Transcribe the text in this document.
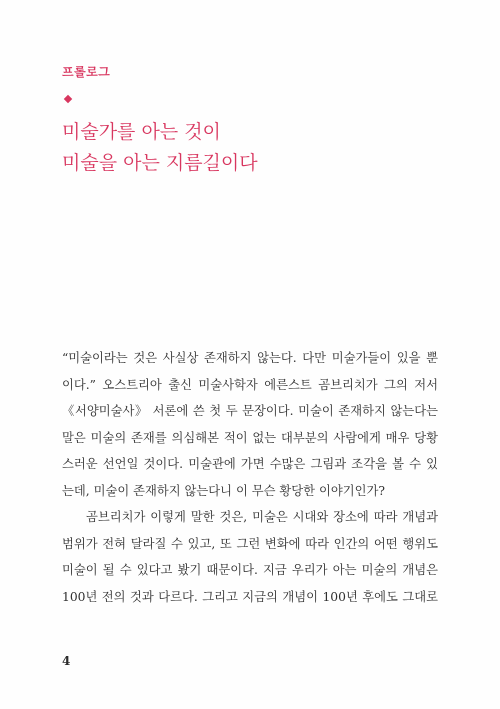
프롤로그
미술가를 아는 것이
미술을 아는 지름길이다
“미술이라는 것은 사실상 존재하지 않는다. 다만 미술가들이 있을 뿐
이다.” 오스트리아 출신 미술사학자 에른스트 곰브리치가 그의 저서
《서양미술사》 서론에 쓴 첫 두 문장이다. 미술이 존재하지 않는다는
말은 미술의 존재를 의심해본 적이 없는 대부분의 사람에게 매우 당황
스러운 선언일 것이다. 미술관에 가면 수많은 그림과 조각을 볼 수 있
는데, 미술이 존재하지 않는다니 이 무슨 황당한 이야기인가?
곰브리치가 이렇게 말한 것은, 미술은 시대와 장소에 따라 개념과
범위가 전혀 달라질 수 있고, 또 그런 변화에 따라 인간의 어떤 행위도
미술이 될 수 있다고 봤기 때문이다. 지금 우리가 아는 미술의 개념은
100년 전의 것과 다르다. 그리고 지금의 개념이 100년 후에도 그대로
4
